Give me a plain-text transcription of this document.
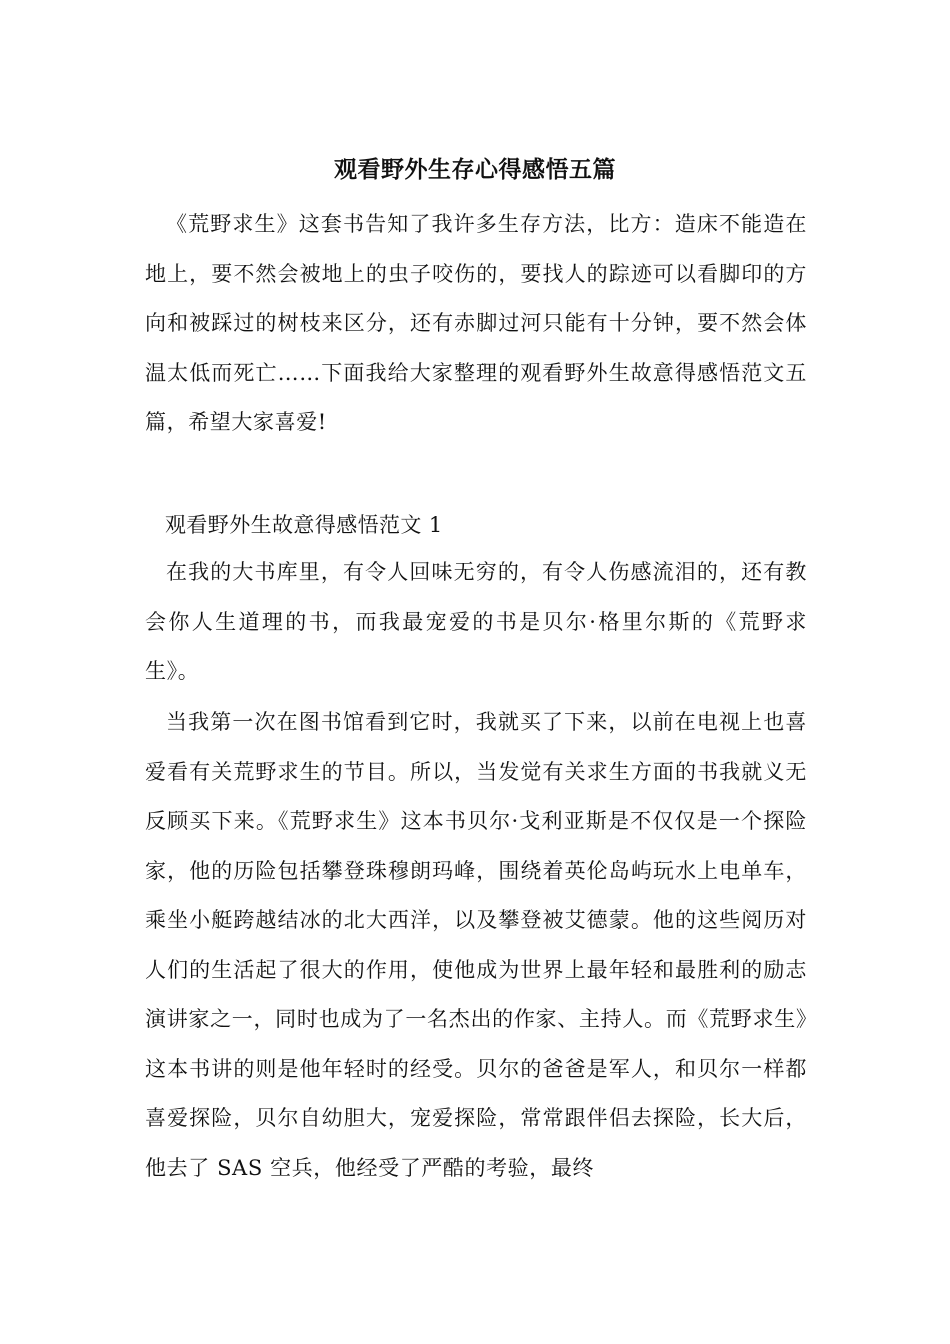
观看野外生存心得感悟五篇
《荒野求生》这套书告知了我许多生存方法，比方：造床不能造在地上，要不然会被地上的虫子咬伤的，要找人的踪迹可以看脚印的方向和被踩过的树枝来区分，还有赤脚过河只能有十分钟，要不然会体温太低而死亡……下面我给大家整理的观看野外生故意得感悟范文五篇，希望大家喜爱!
观看野外生故意得感悟范文 1
在我的大书库里，有令人回味无穷的，有令人伤感流泪的，还有教会你人生道理的书，而我最宠爱的书是贝尔·格里尔斯的《荒野求生》。
当我第一次在图书馆看到它时，我就买了下来，以前在电视上也喜爱看有关荒野求生的节目。所以，当发觉有关求生方面的书我就义无反顾买下来。《荒野求生》这本书贝尔·戈利亚斯是不仅仅是一个探险家，他的历险包括攀登珠穆朗玛峰，围绕着英伦岛屿玩水上电单车，乘坐小艇跨越结冰的北大西洋，以及攀登被艾德蒙。他的这些阅历对人们的生活起了很大的作用，使他成为世界上最年轻和最胜利的励志演讲家之一，同时也成为了一名杰出的作家、主持人。而《荒野求生》这本书讲的则是他年轻时的经受。贝尔的爸爸是军人，和贝尔一样都喜爱探险，贝尔自幼胆大，宠爱探险，常常跟伴侣去探险，长大后，他去了 SAS 空兵，他经受了严酷的考验，最终
